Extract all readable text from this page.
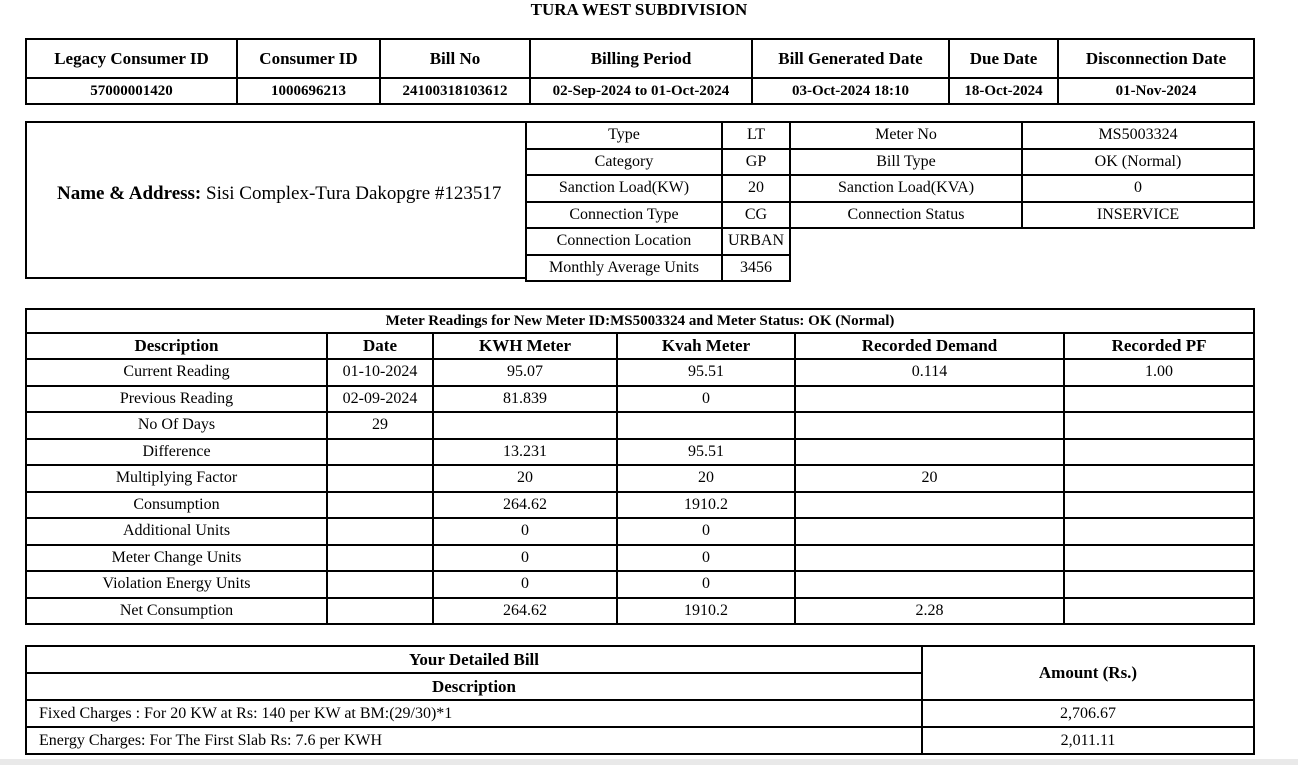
TURA WEST SUBDIVISION
Legacy Consumer ID	Consumer ID	Bill No	Billing Period	Bill Generated Date	Due Date	Disconnection Date
57000001420	1000696213	24100318103612	02-Sep-2024 to 01-Oct-2024	03-Oct-2024 18:10	18-Oct-2024	01-Nov-2024
Name & Address: Sisi Complex-Tura Dakopgre #123517
Type	LT	Meter No	MS5003324
Category	GP	Bill Type	OK (Normal)
Sanction Load(KW)	20	Sanction Load(KVA)	0
Connection Type	CG	Connection Status	INSERVICE
Connection Location	URBAN		
Monthly Average Units	3456		
Meter Readings for New Meter ID:MS5003324 and Meter Status: OK (Normal)					
Description	Date	KWH Meter	Kvah Meter	Recorded Demand	Recorded PF
Current Reading	01-10-2024	95.07	95.51	0.114	1.00
Previous Reading	02-09-2024	81.839	0		
No Of Days	29				
Difference		13.231	95.51		
Multiplying Factor		20	20	20	
Consumption		264.62	1910.2		
Additional Units		0	0		
Meter Change Units		0	0		
Violation Energy Units		0	0		
Net Consumption		264.62	1910.2	2.28	
Your Detailed Bill	Amount (Rs.)
Description	
Fixed Charges : For 20 KW at Rs: 140 per KW at BM:(29/30)*1	2,706.67
Energy Charges: For The First Slab Rs: 7.6 per KWH	2,011.11
